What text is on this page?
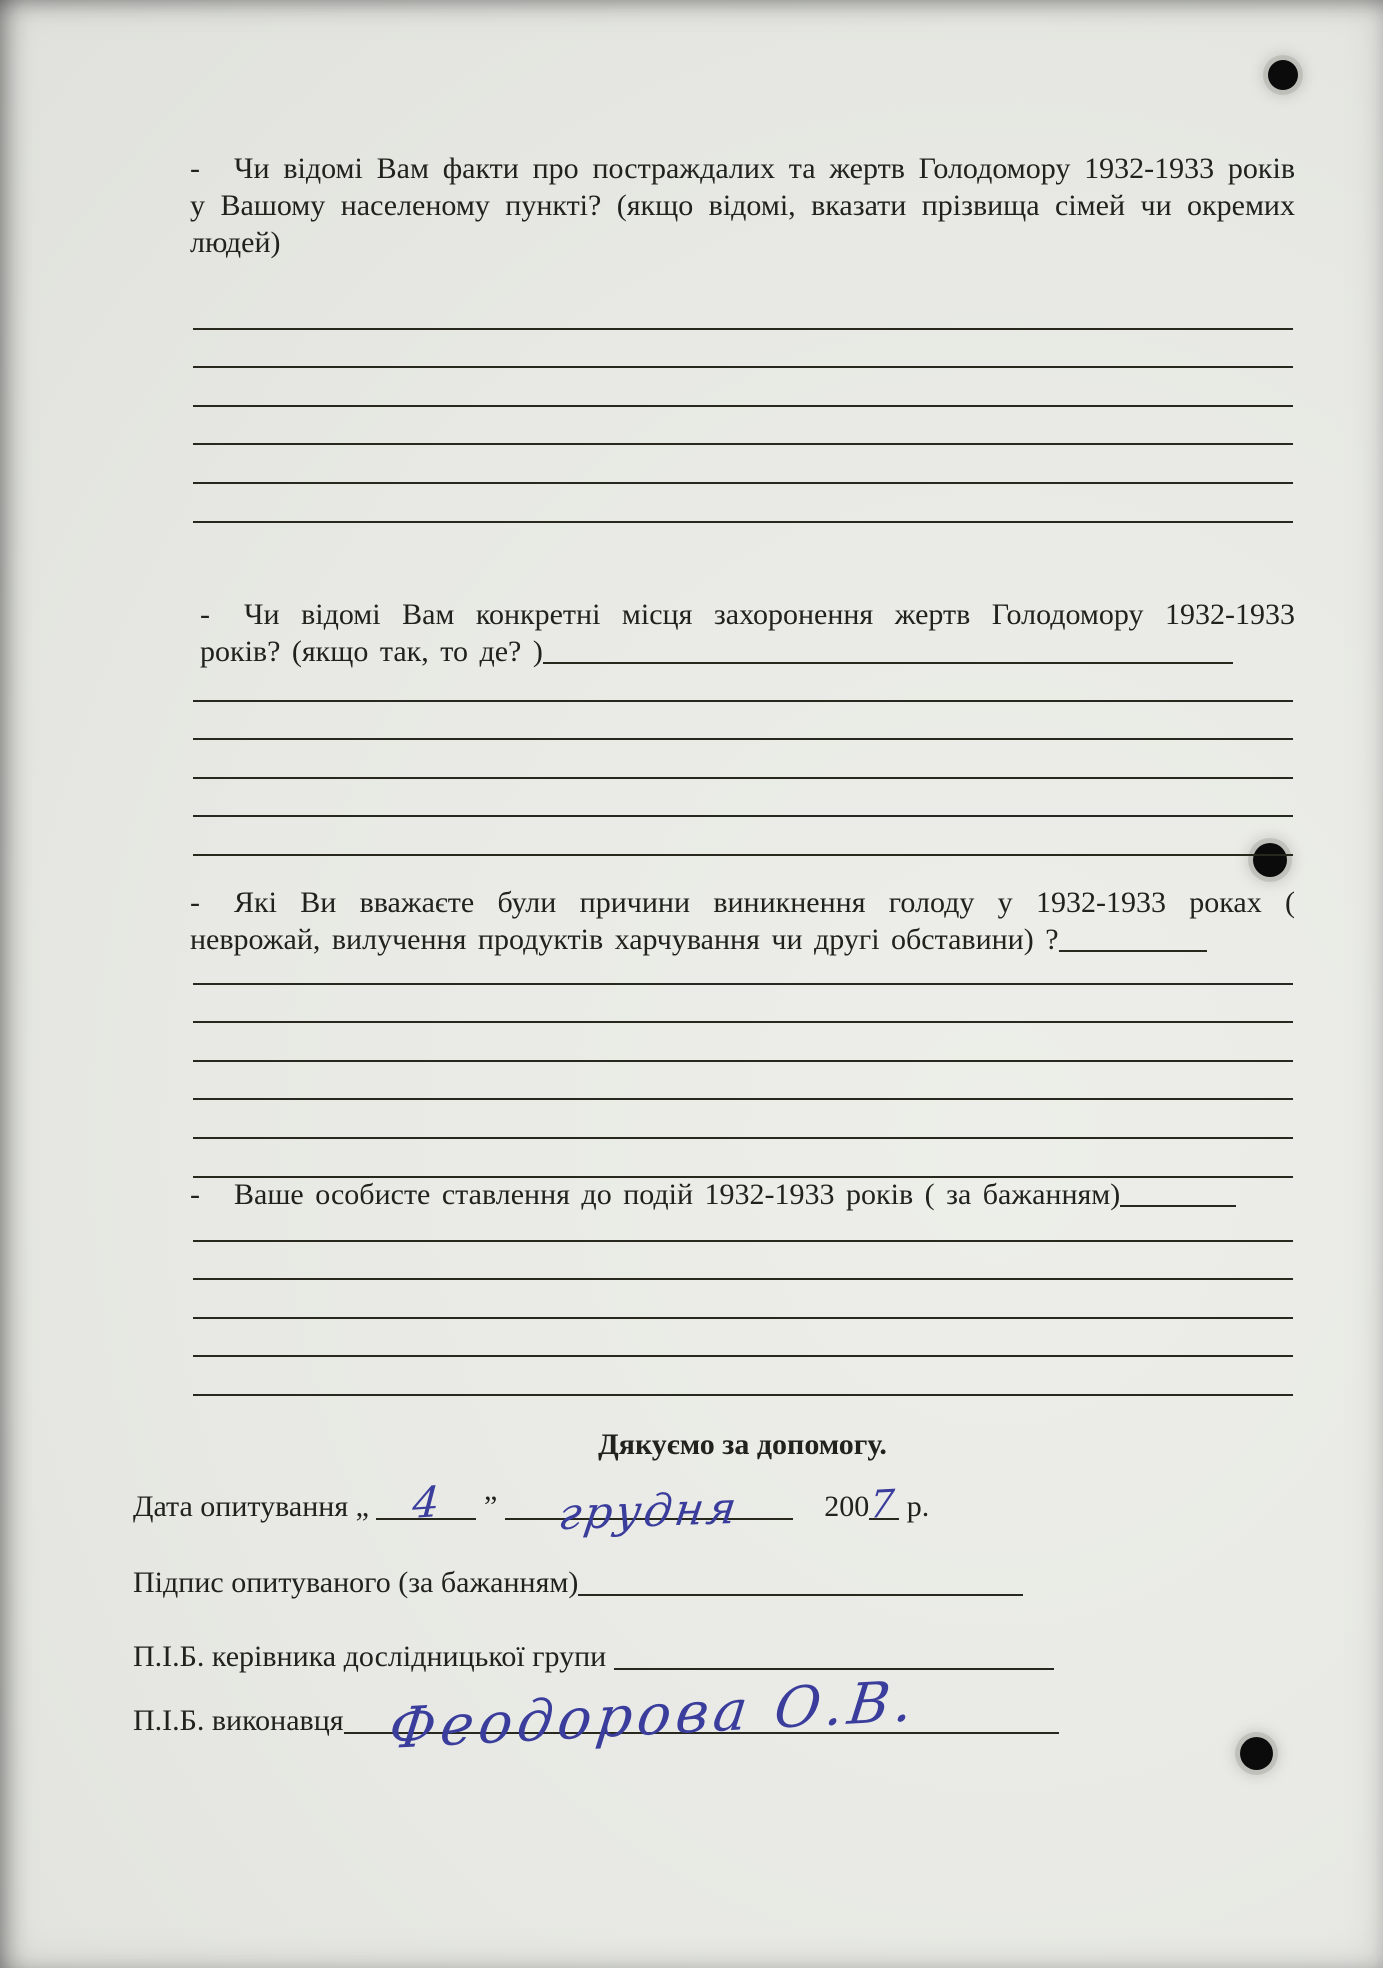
- Чи відомі Вам факти про постраждалих та жертв Голодомору 1932-1933 років у Вашому населеному пункті? (якщо відомі, вказати прізвища сімей чи окремих людей)

- Чи відомі Вам конкретні місця захоронення жертв Голодомору 1932-1933 років? (якщо так, то де? )

- Які Ви вважаєте були причини виникнення голоду у 1932-1933 роках ( неврожай, вилучення продуктів харчування чи другі обставини) ?

- Ваше особисте ставлення до подій 1932-1933 років ( за бажанням)

Дякуємо за допомогу.

Дата опитування „ 4 ” грудня	200 7 р.
Підпис опитуваного (за бажанням)
П.І.Б. керівника дослідницької групи
П.І.Б. виконавця Феодорова О.В.
